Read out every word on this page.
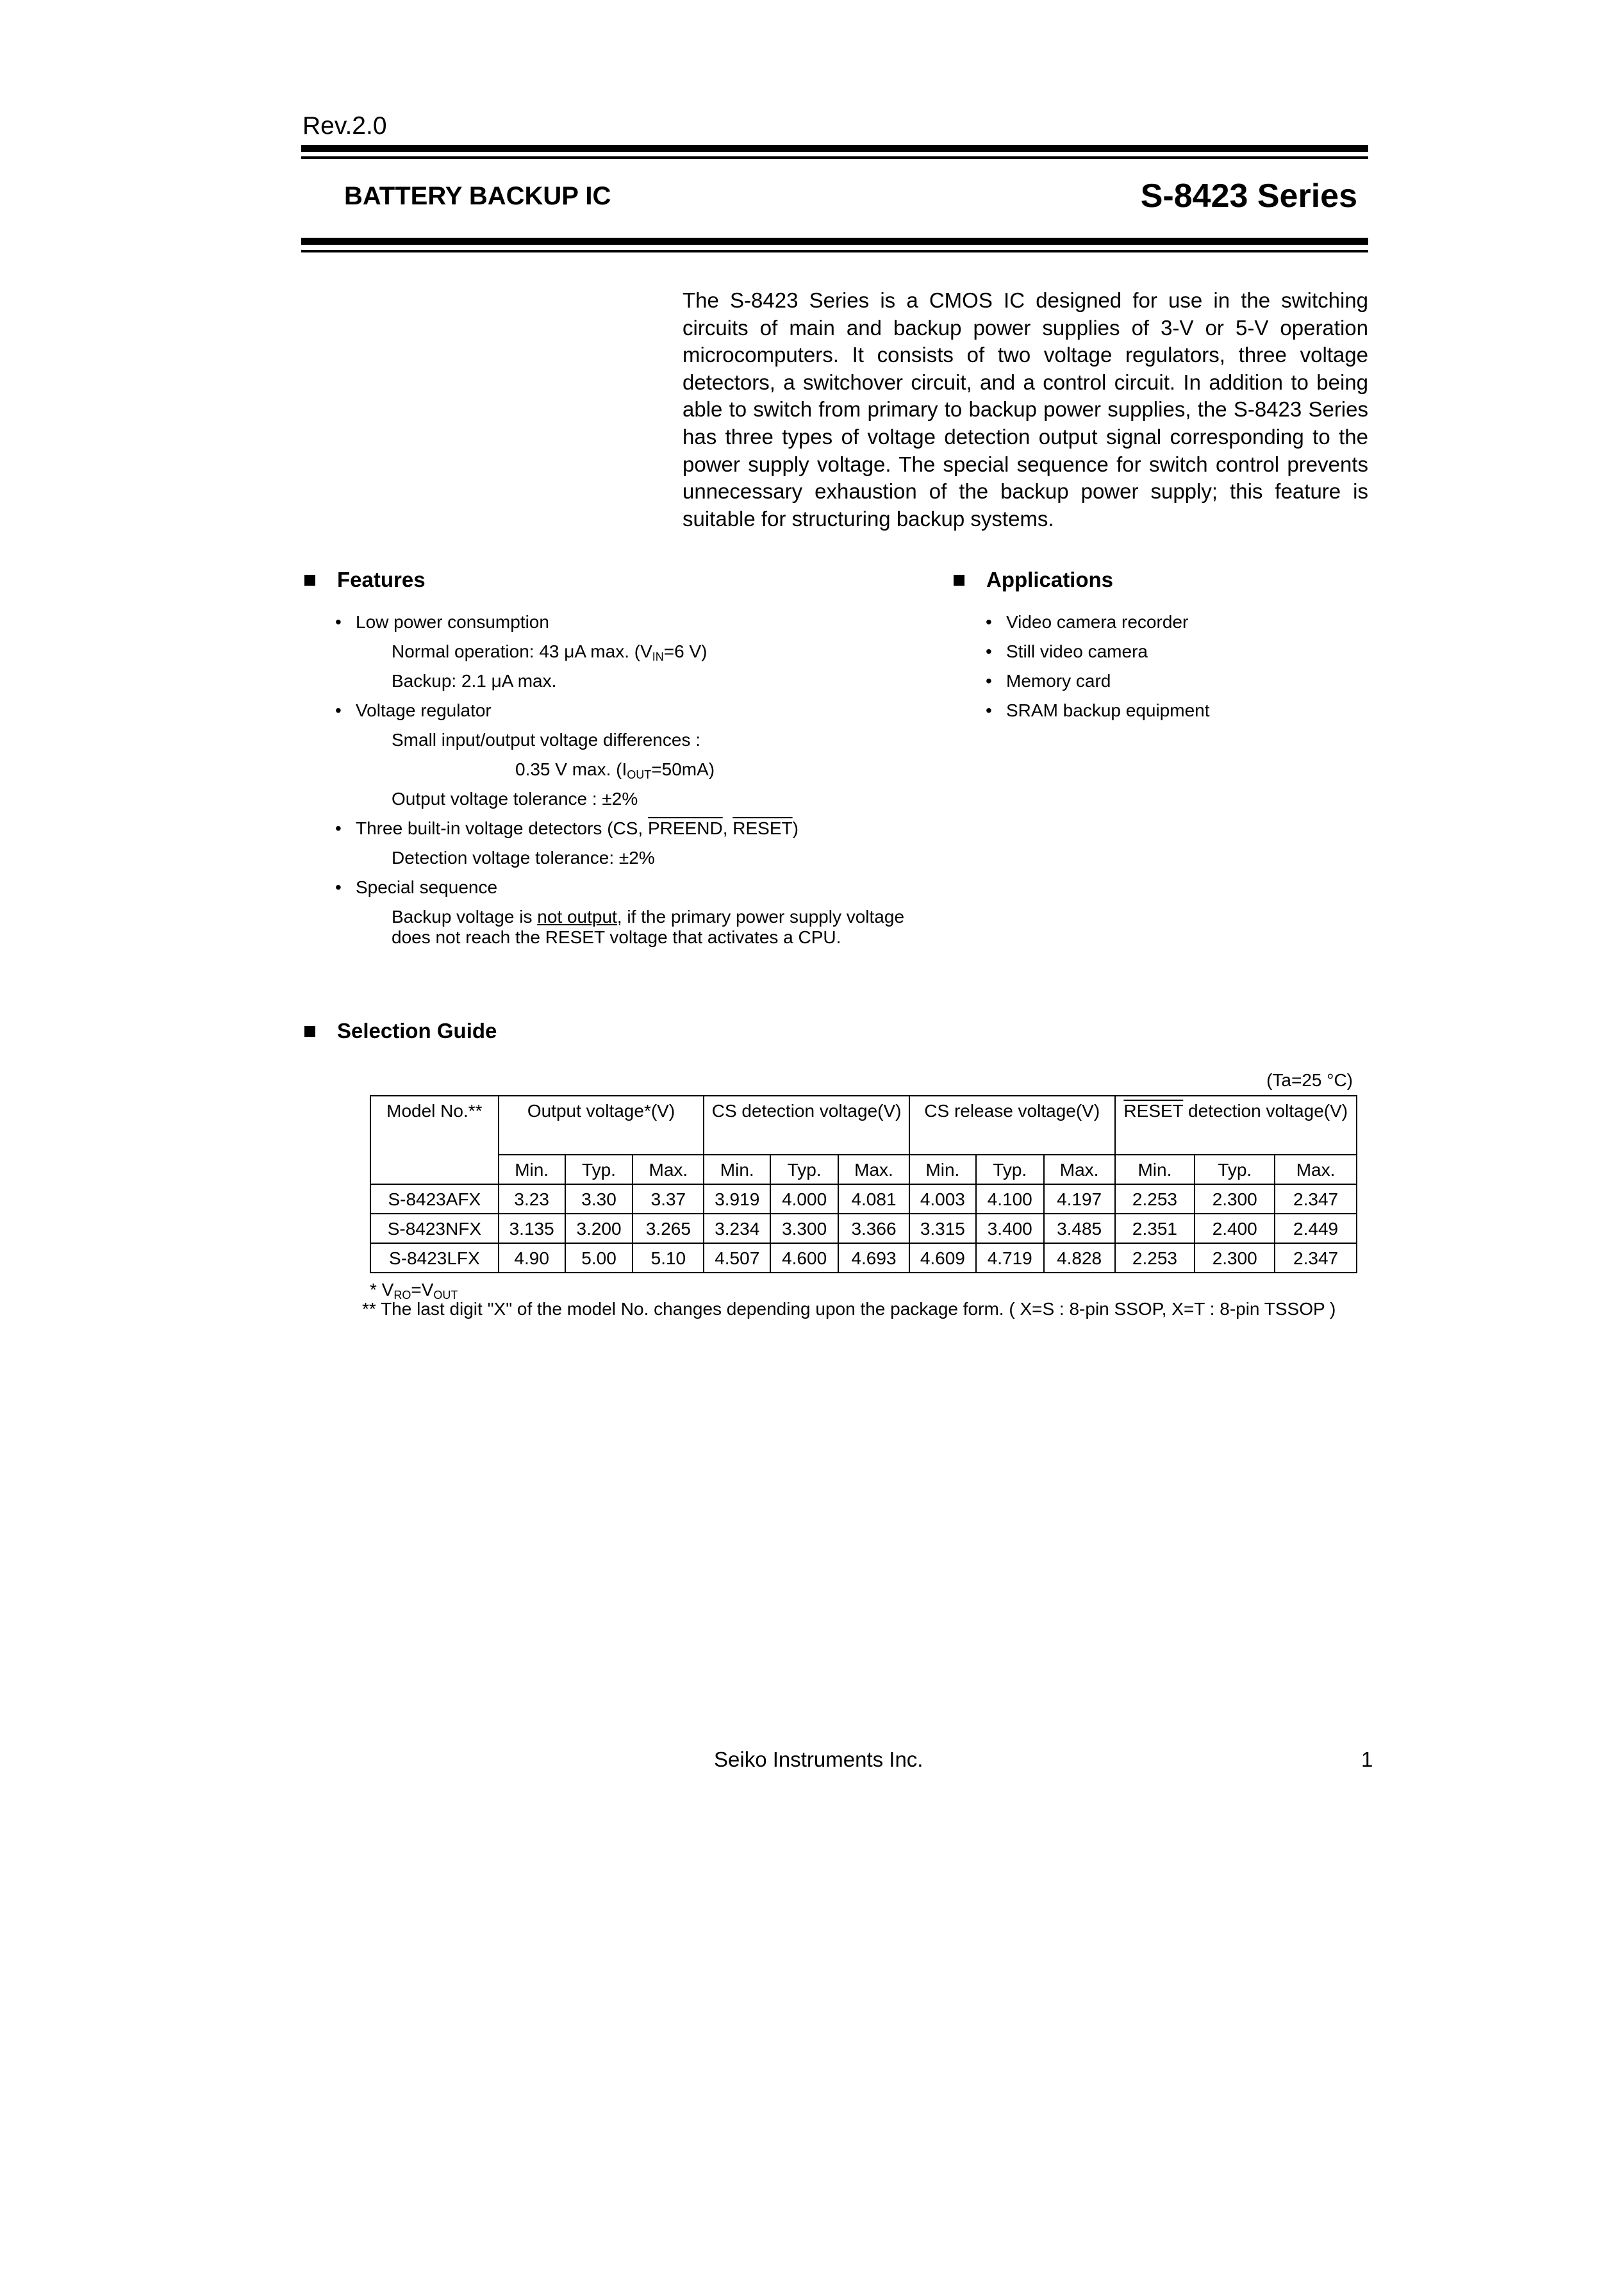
Rev.2.0
BATTERY BACKUP IC	S-8423 Series
The S-8423 Series is a CMOS IC designed for use in the switching circuits of main and backup power supplies of 3-V or 5-V operation microcomputers. It consists of two voltage regulators, three voltage detectors, a switchover circuit, and a control circuit. In addition to being able to switch from primary to backup power supplies, the S-8423 Series has three types of voltage detection output signal corresponding to the power supply voltage. The special sequence for switch control prevents unnecessary exhaustion of the backup power supply; this feature is suitable for structuring backup systems.
Features
• Low power consumption
Normal operation: 43 μA max. ($V_{IN}=6$ V)
Backup: 2.1 μA max.
• Voltage regulator
Small input/output voltage differences :
0.35 V max. $(I_{OUT}=50mA)$
Output voltage tolerance : ±2%
• Three built-in voltage detectors (CS, PREEND, RESET)
Detection voltage tolerance: ±2%
• Special sequence
Backup voltage is not output, if the primary power supply voltage
does not reach the RESET voltage that activates a CPU.
Applications
• Video camera recorder
• Still video camera
• Memory card
• SRAM backup equipment
Selection Guide
(Ta=25 °C)
Model No.**	Output voltage*(V)			CS detection voltage(V)			CS release voltage(V)			RESET detection voltage(V)		
	Min.	Typ.	Max.	Min.	Typ.	Max.	Min.	Typ.	Max.	Min.	Typ.	Max.
S-8423AFX	3.23	3.30	3.37	3.919	4.000	4.081	4.003	4.100	4.197	2.253	2.300	2.347
S-8423NFX	3.135	3.200	3.265	3.234	3.300	3.366	3.315	3.400	3.485	2.351	2.400	2.449
S-8423LFX	4.90	5.00	5.10	4.507	4.600	4.693	4.609	4.719	4.828	2.253	2.300	2.347
* $V_{RO}=V_{OUT}$
** The last digit "X" of the model No. changes depending upon the package form. ( X=S : 8-pin SSOP, X=T : 8-pin TSSOP )
Seiko Instruments Inc.	1
